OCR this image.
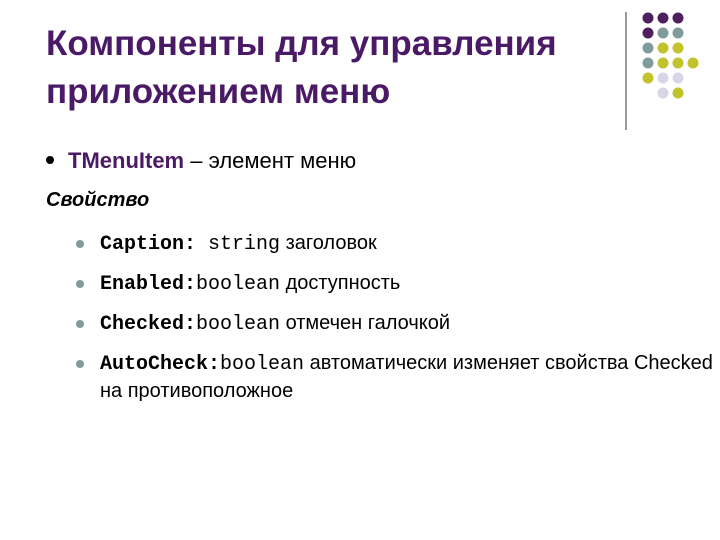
Компоненты для управления приложением меню
TMenuItem – элемент меню
Свойство
Caption: string заголовок
Enabled:boolean доступность
Checked:boolean отмечен галочкой
AutoCheck:boolean автоматически изменяет свойства Checked на противоположное
